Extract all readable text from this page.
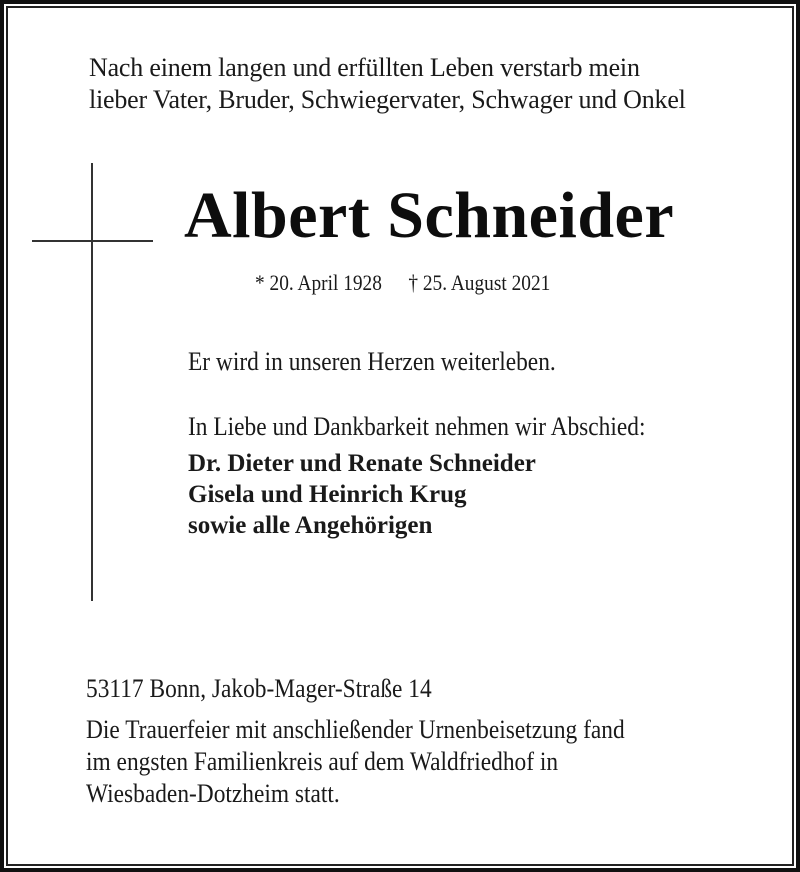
Nach einem langen und erfüllten Leben verstarb mein
lieber Vater, Bruder, Schwiegervater, Schwager und Onkel
Albert Schneider
* 20. April 1928 † 25. August 2021
Er wird in unseren Herzen weiterleben.
In Liebe und Dankbarkeit nehmen wir Abschied:
Dr. Dieter und Renate Schneider
Gisela und Heinrich Krug
sowie alle Angehörigen
53117 Bonn, Jakob-Mager-Straße 14
Die Trauerfeier mit anschließender Urnenbeisetzung fand
im engsten Familienkreis auf dem Waldfriedhof in
Wiesbaden-Dotzheim statt.
